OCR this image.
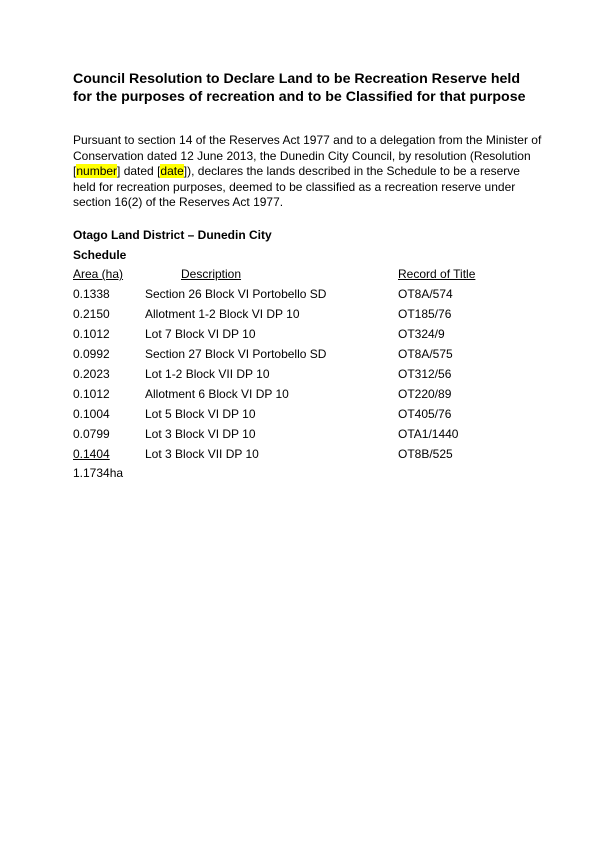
Council Resolution to Declare Land to be Recreation Reserve held
for the purposes of recreation and to be Classified for that purpose

Pursuant to section 14 of the Reserves Act 1977 and to a delegation from the Minister of Conservation dated 12 June 2013, the Dunedin City Council, by resolution (Resolution [number] dated [date]), declares the lands described in the Schedule to be a reserve held for recreation purposes, deemed to be classified as a recreation reserve under section 16(2) of the Reserves Act 1977.

Otago Land District – Dunedin City

Schedule

Area (ha)	Description	Record of Title
0.1338	Section 26 Block VI Portobello SD	OT8A/574
0.2150	Allotment 1-2 Block VI DP 10	OT185/76
0.1012	Lot 7 Block VI DP 10	OT324/9
0.0992	Section 27 Block VI Portobello SD	OT8A/575
0.2023	Lot 1-2 Block VII DP 10	OT312/56
0.1012	Allotment 6 Block VI DP 10	OT220/89
0.1004	Lot 5 Block VI DP 10	OT405/76
0.0799	Lot 3 Block VI DP 10	OTA1/1440
0.1404	Lot 3 Block VII DP 10	OT8B/525
1.1734ha
